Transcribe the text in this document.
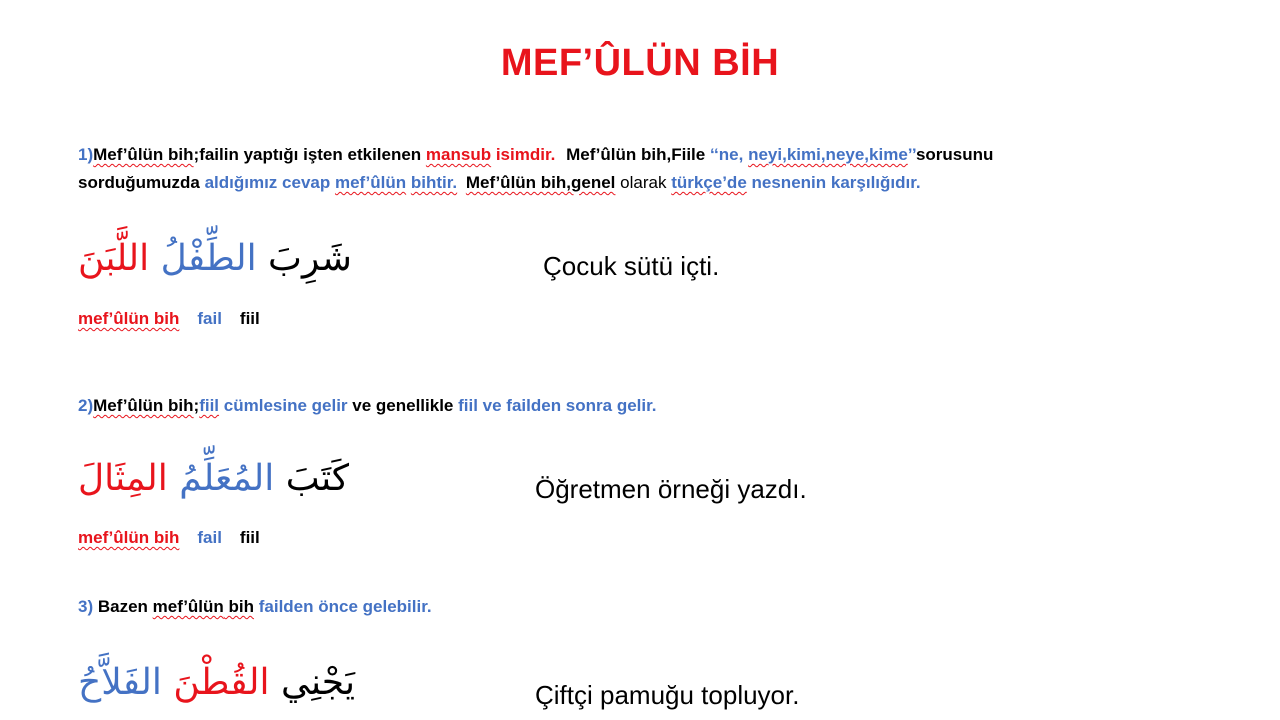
MEF’ÛLÜN BİH
1)Mef’ûlün bih;failin yaptığı işten etkilenen mansub isimdir. Mef’ûlün bih,Fiile ‘‘ne, neyi,kimi,neye,kime’’sorusunu
sorduğumuzda aldığımız cevap mef’ûlün bihtir. Mef’ûlün bih,genel olarak türkçe’de nesnenin karşılığıdır.
شَرِبَ الطِّفْلُ اللَّبَنَ	Çocuk sütü içti.
mef’ûlün bih fail fiil
2)Mef’ûlün bih;fiil cümlesine gelir ve genellikle fiil ve failden sonra gelir.
كَتَبَ المُعَلِّمُ المِثَالَ	Öğretmen örneği yazdı.
mef’ûlün bih fail fiil
3) Bazen mef’ûlün bih failden önce gelebilir.
يَجْنِي القُطْنَ الفَلاَّحُ	Çiftçi pamuğu topluyor.
